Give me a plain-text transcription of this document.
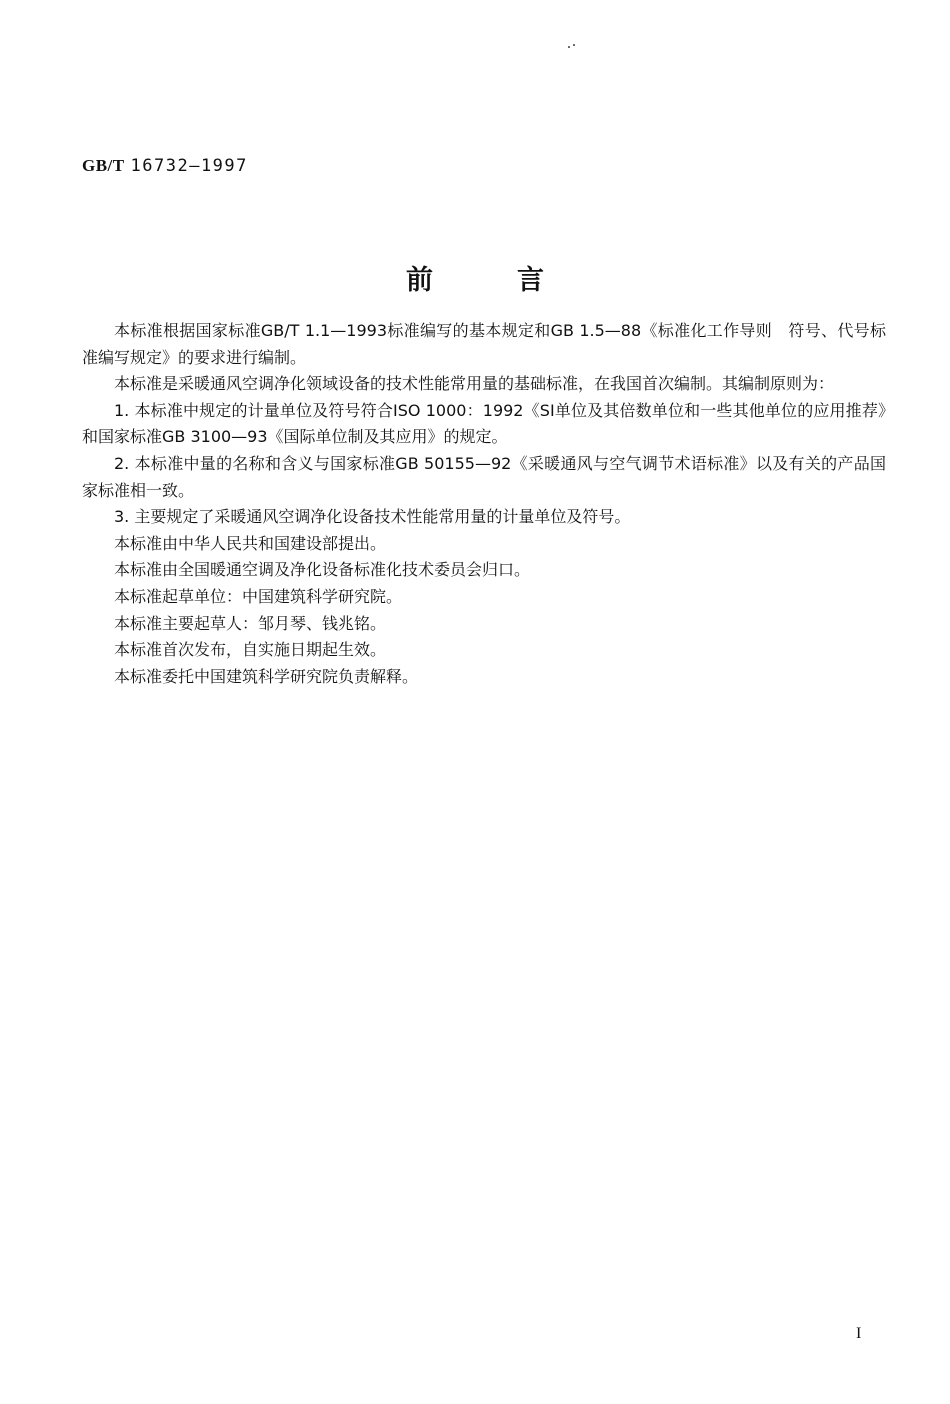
GB/T 16732—1997
前言

本标准根据国家标准GB/T 1.1—1993标准编写的基本规定和GB 1.5—88《标准化工作导则　符号、代号标准编写规定》的要求进行编制。

本标准是采暖通风空调净化领域设备的技术性能常用量的基础标准，在我国首次编制。其编制原则为：

1. 本标准中规定的计量单位及符号符合ISO 1000：1992《SI单位及其倍数单位和一些其他单位的应用推荐》和国家标准GB 3100—93《国际单位制及其应用》的规定。

2. 本标准中量的名称和含义与国家标准GB 50155—92《采暖通风与空气调节术语标准》以及有关的产品国家标准相一致。

3. 主要规定了采暖通风空调净化设备技术性能常用量的计量单位及符号。

本标准由中华人民共和国建设部提出。

本标准由全国暖通空调及净化设备标准化技术委员会归口。

本标准起草单位：中国建筑科学研究院。

本标准主要起草人：邹月琴、钱兆铭。

本标准首次发布，自实施日期起生效。

本标准委托中国建筑科学研究院负责解释。

I
